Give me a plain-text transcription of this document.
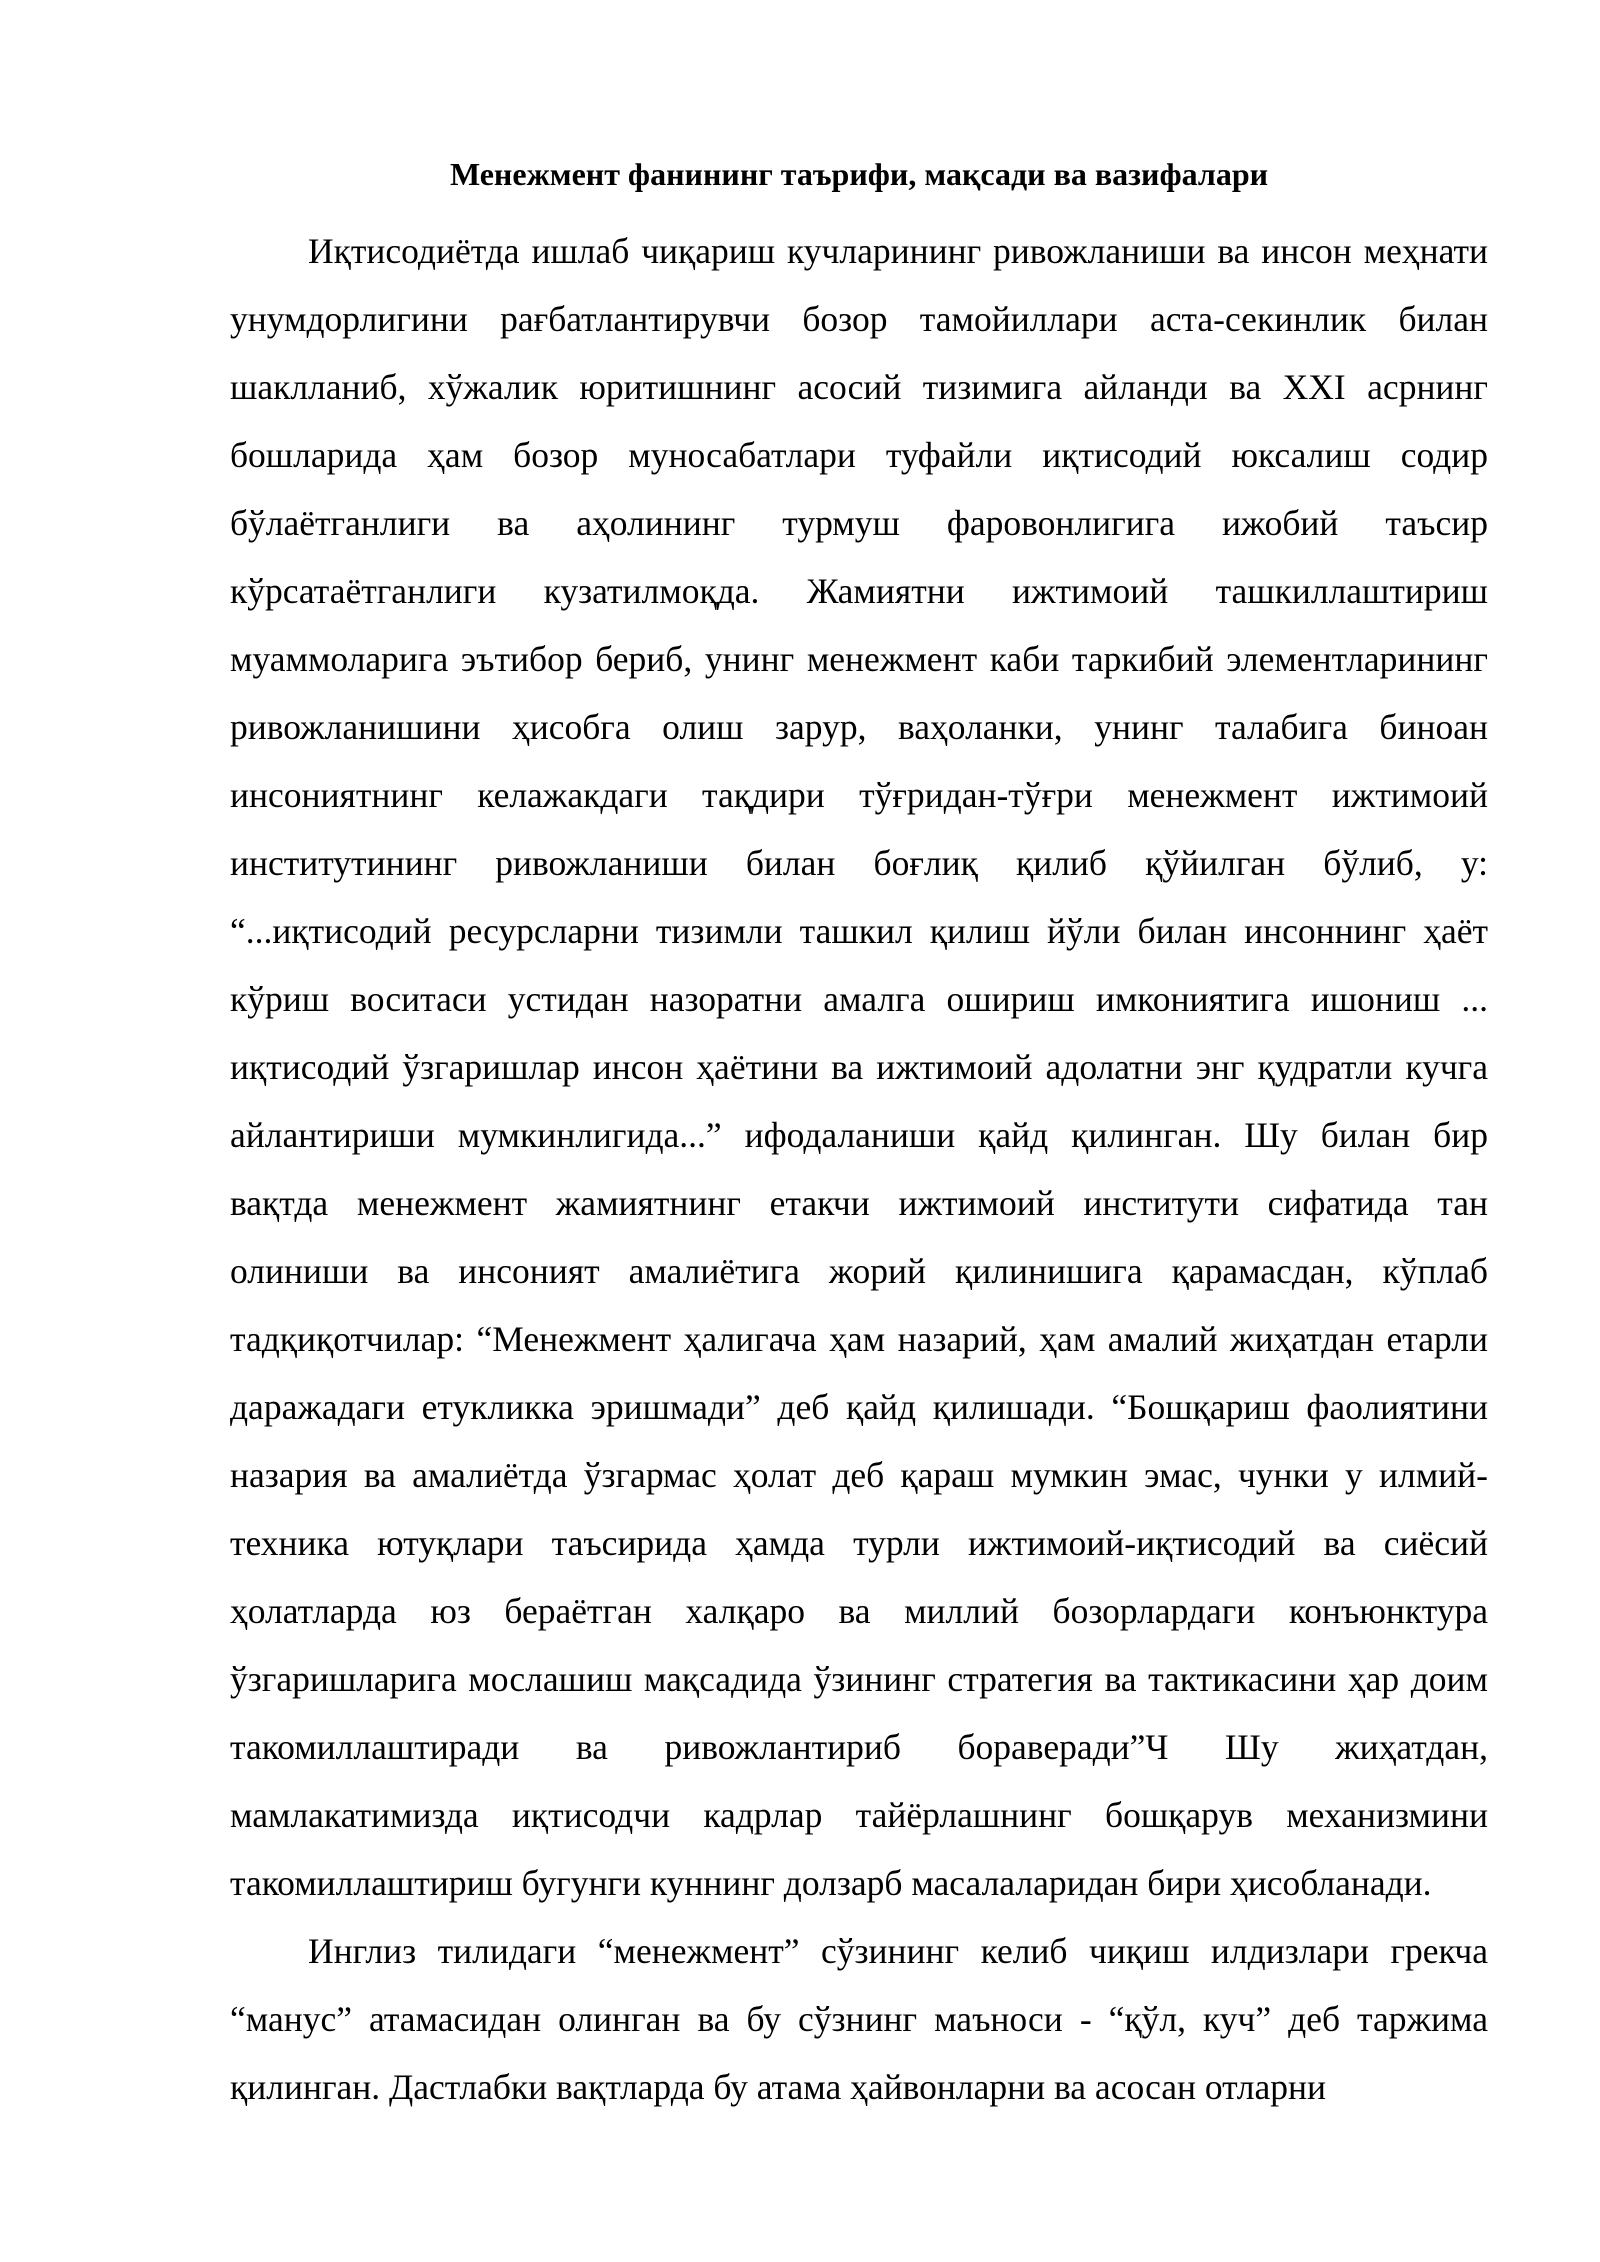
Менежмент фанининг таърифи, мақсади ва вазифалари

Иқтисодиётда ишлаб чиқариш кучларининг ривожланиши ва инсон меҳнати унумдорлигини рағбатлантирувчи бозор тамойиллари аста-секинлик билан шаклланиб, хўжалик юритишнинг асосий тизимига айланди ва XXI асрнинг бошларида ҳам бозор муносабатлари туфайли иқтисодий юксалиш содир бўлаётганлиги ва аҳолининг турмуш фаровонлигига ижобий таъсир кўрсатаётганлиги кузатилмоқда. Жамиятни ижтимоий ташкиллаштириш муаммоларига эътибор бериб, унинг менежмент каби таркибий элементларининг ривожланишини ҳисобга олиш зарур, ваҳоланки, унинг талабига биноан инсониятнинг келажакдаги тақдири тўғридан-тўғри менежмент ижтимоий институтининг ривожланиши билан боғлиқ қилиб қўйилган бўлиб, у: “...иқтисодий ресурсларни тизимли ташкил қилиш йўли билан инсоннинг ҳаёт кўриш воситаси устидан назоратни амалга ошириш имкониятига ишониш ... иқтисодий ўзгаришлар инсон ҳаётини ва ижтимоий адолатни энг қудратли кучга айлантириши мумкинлигида...” ифодаланиши қайд қилинган. Шу билан бир вақтда менежмент жамиятнинг етакчи ижтимоий институти сифатида тан олиниши ва инсоният амалиётига жорий қилинишига қарамасдан, кўплаб тадқиқотчилар: “Менежмент ҳалигача ҳам назарий, ҳам амалий жиҳатдан етарли даражадаги етукликка эришмади” деб қайд қилишади. “Бошқариш фаолиятини назария ва амалиётда ўзгармас ҳолат деб қараш мумкин эмас, чунки у илмий-техника ютуқлари таъсирида ҳамда турли ижтимоий-иқтисодий ва сиёсий ҳолатларда юз бераётган халқаро ва миллий бозорлардаги конъюнктура ўзгаришларига мослашиш мақсадида ўзининг стратегия ва тактикасини ҳар доим такомиллаштиради ва ривожлантириб бораверади”Ч Шу жиҳатдан, мамлакатимизда иқтисодчи кадрлар тайёрлашнинг бошқарув механизмини такомиллаштириш бугунги куннинг долзарб масалаларидан бири ҳисобланади.

Инглиз тилидаги “менежмент” сўзининг келиб чиқиш илдизлари грекча “манус” атамасидан олинган ва бу сўзнинг маъноси - “қўл, куч” деб таржима қилинган. Дастлабки вақтларда бу атама ҳайвонларни ва асосан отларни
